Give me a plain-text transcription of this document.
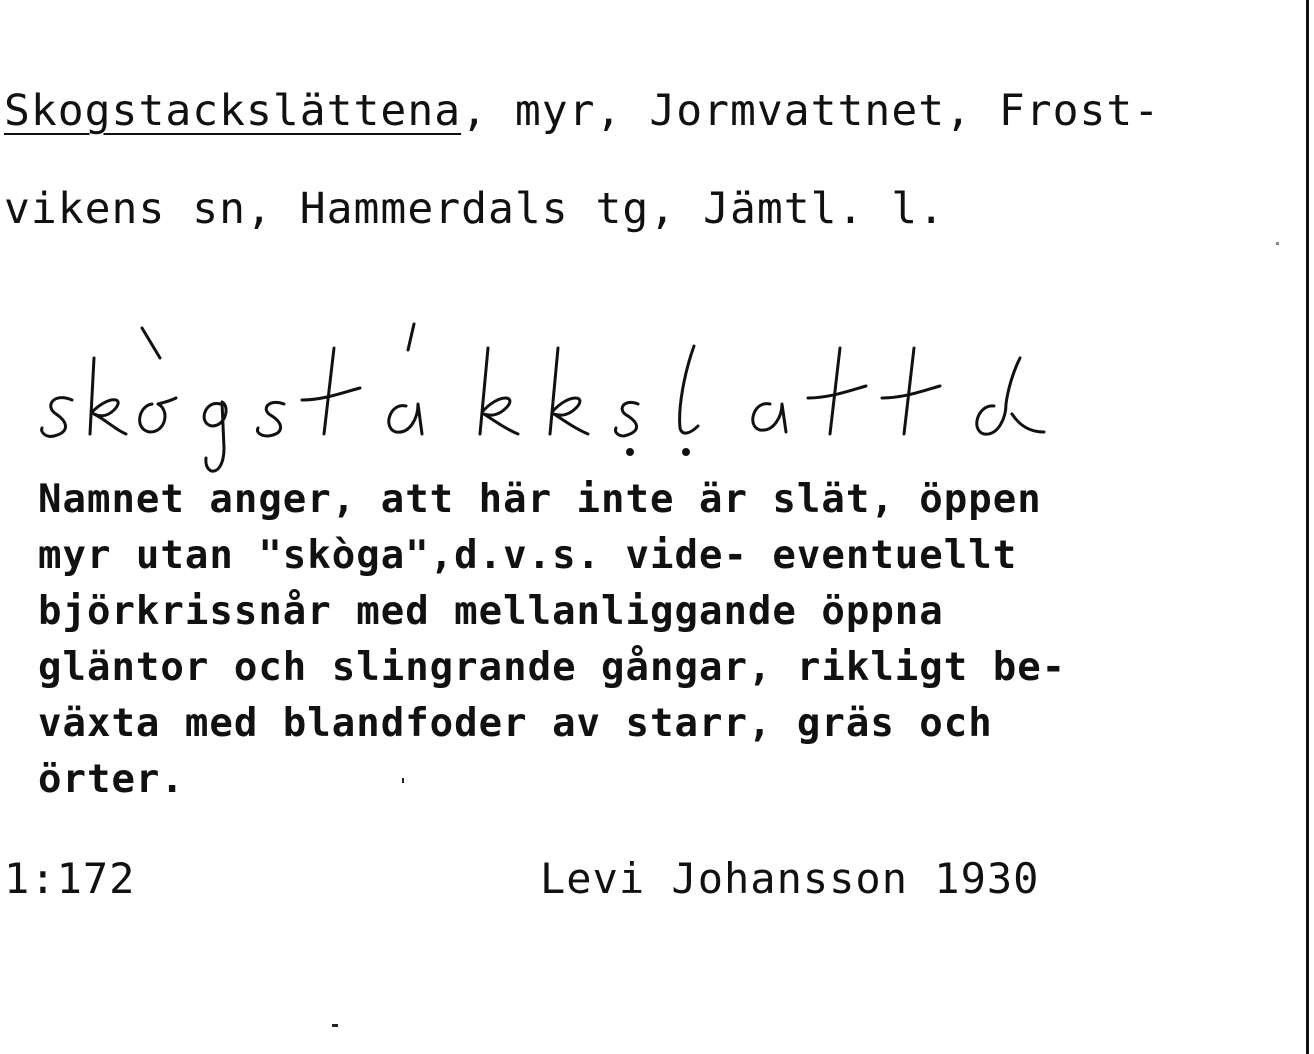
Skogstackslättena, myr, Jormvattnet, Frost-
vikens sn, Hammerdals tg, Jämtl. l.
Namnet anger, att här inte är slät, öppen
myr utan "skòga",d.v.s. vide- eventuellt
björkrissnår med mellanliggande öppna
gläntor och slingrande gångar, rikligt be-
växta med blandfoder av starr, gräs och
örter.
1:172	Levi Johansson 1930
